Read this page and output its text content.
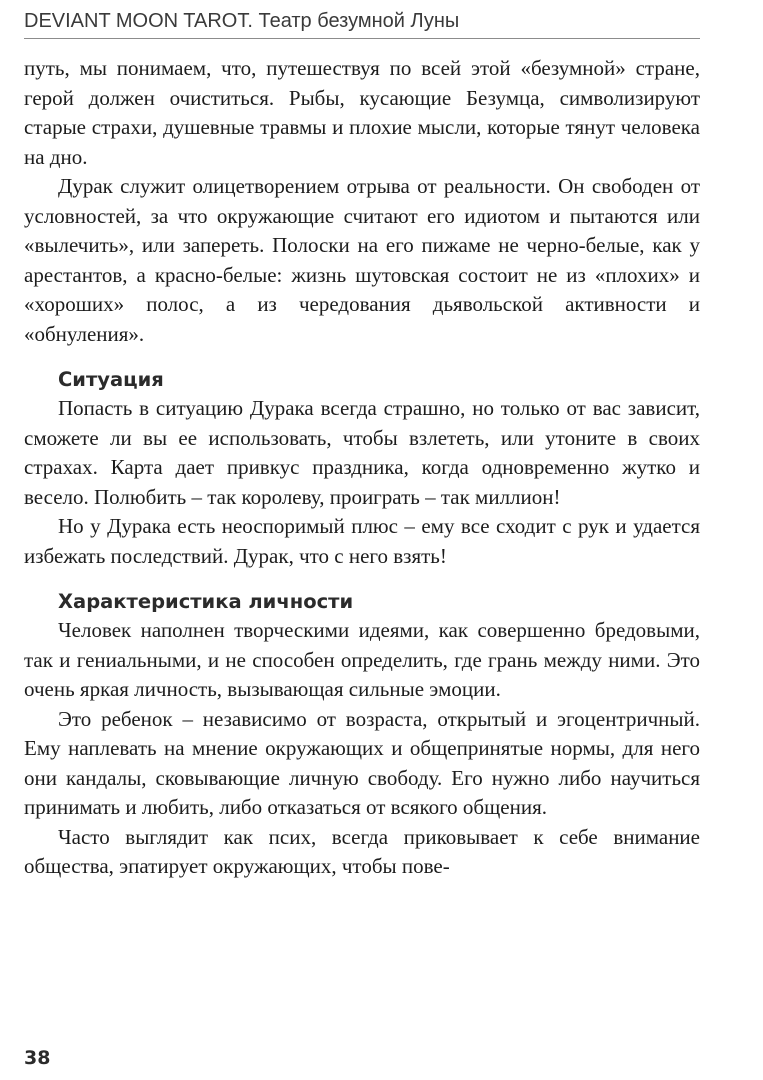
DEVIANT MOON TAROT. Театр безумной Луны

путь, мы понимаем, что, путешествуя по всей этой «безумной» стране, герой должен очиститься. Рыбы, кусающие Безумца, символизируют старые страхи, душевные травмы и плохие мысли, которые тянут человека на дно.

Дурак служит олицетворением отрыва от реальности. Он свободен от условностей, за что окружающие считают его идиотом и пытаются или «вылечить», или запереть. Полоски на его пижаме не черно-белые, как у арестантов, а красно-белые: жизнь шутовская состоит не из «плохих» и «хороших» полос, а из чередования дьявольской активности и «обнуления».

Ситуация

Попасть в ситуацию Дурака всегда страшно, но только от вас зависит, сможете ли вы ее использовать, чтобы взлететь, или утоните в своих страхах. Карта дает привкус праздника, когда одновременно жутко и весело. Полюбить – так королеву, проиграть – так миллион!

Но у Дурака есть неоспоримый плюс – ему все сходит с рук и удается избежать последствий. Дурак, что с него взять!

Характеристика личности

Человек наполнен творческими идеями, как совершенно бредовыми, так и гениальными, и не способен определить, где грань между ними. Это очень яркая личность, вызывающая сильные эмоции.

Это ребенок – независимо от возраста, открытый и эгоцентричный. Ему наплевать на мнение окружающих и общепринятые нормы, для него они кандалы, сковывающие личную свободу. Его нужно либо научиться принимать и любить, либо отказаться от всякого общения.

Часто выглядит как псих, всегда приковывает к себе внимание общества, эпатирует окружающих, чтобы пове-

38
